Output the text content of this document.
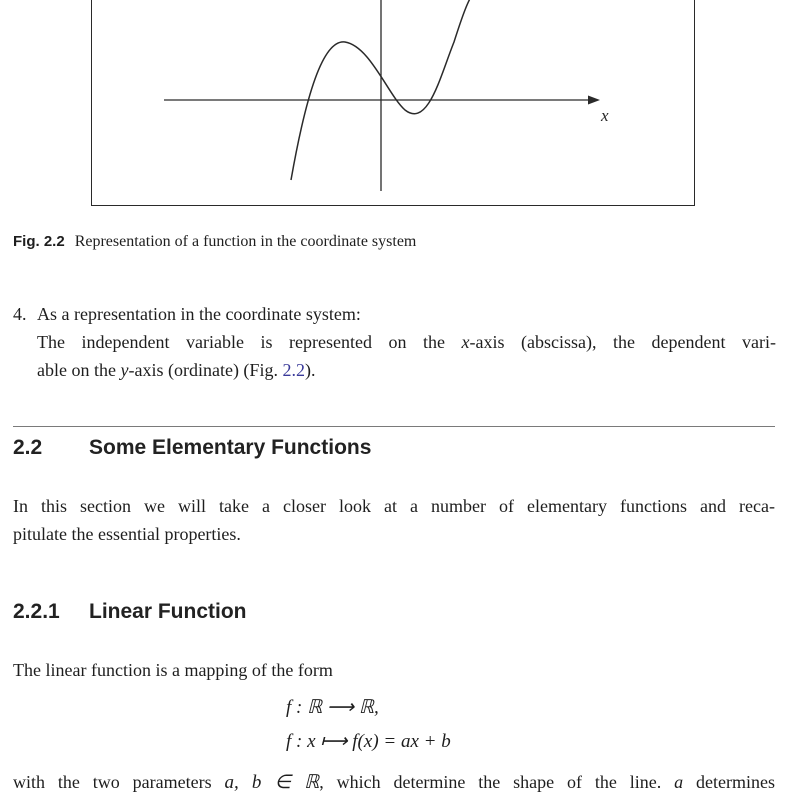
x
Fig. 2.2 Representation of a function in the coordinate system
4. As a representation in the coordinate system:
The independent variable is represented on the x-axis (abscissa), the dependent vari-
able on the y-axis (ordinate) (Fig. 2.2).
2.2 Some Elementary Functions
In this section we will take a closer look at a number of elementary functions and reca-
pitulate the essential properties.
2.2.1 Linear Function
The linear function is a mapping of the form
f : ℝ ⟶ ℝ,
f : x ⟼ f(x) = ax + b
with the two parameters a, b ∈ ℝ, which determine the shape of the line. a determines
